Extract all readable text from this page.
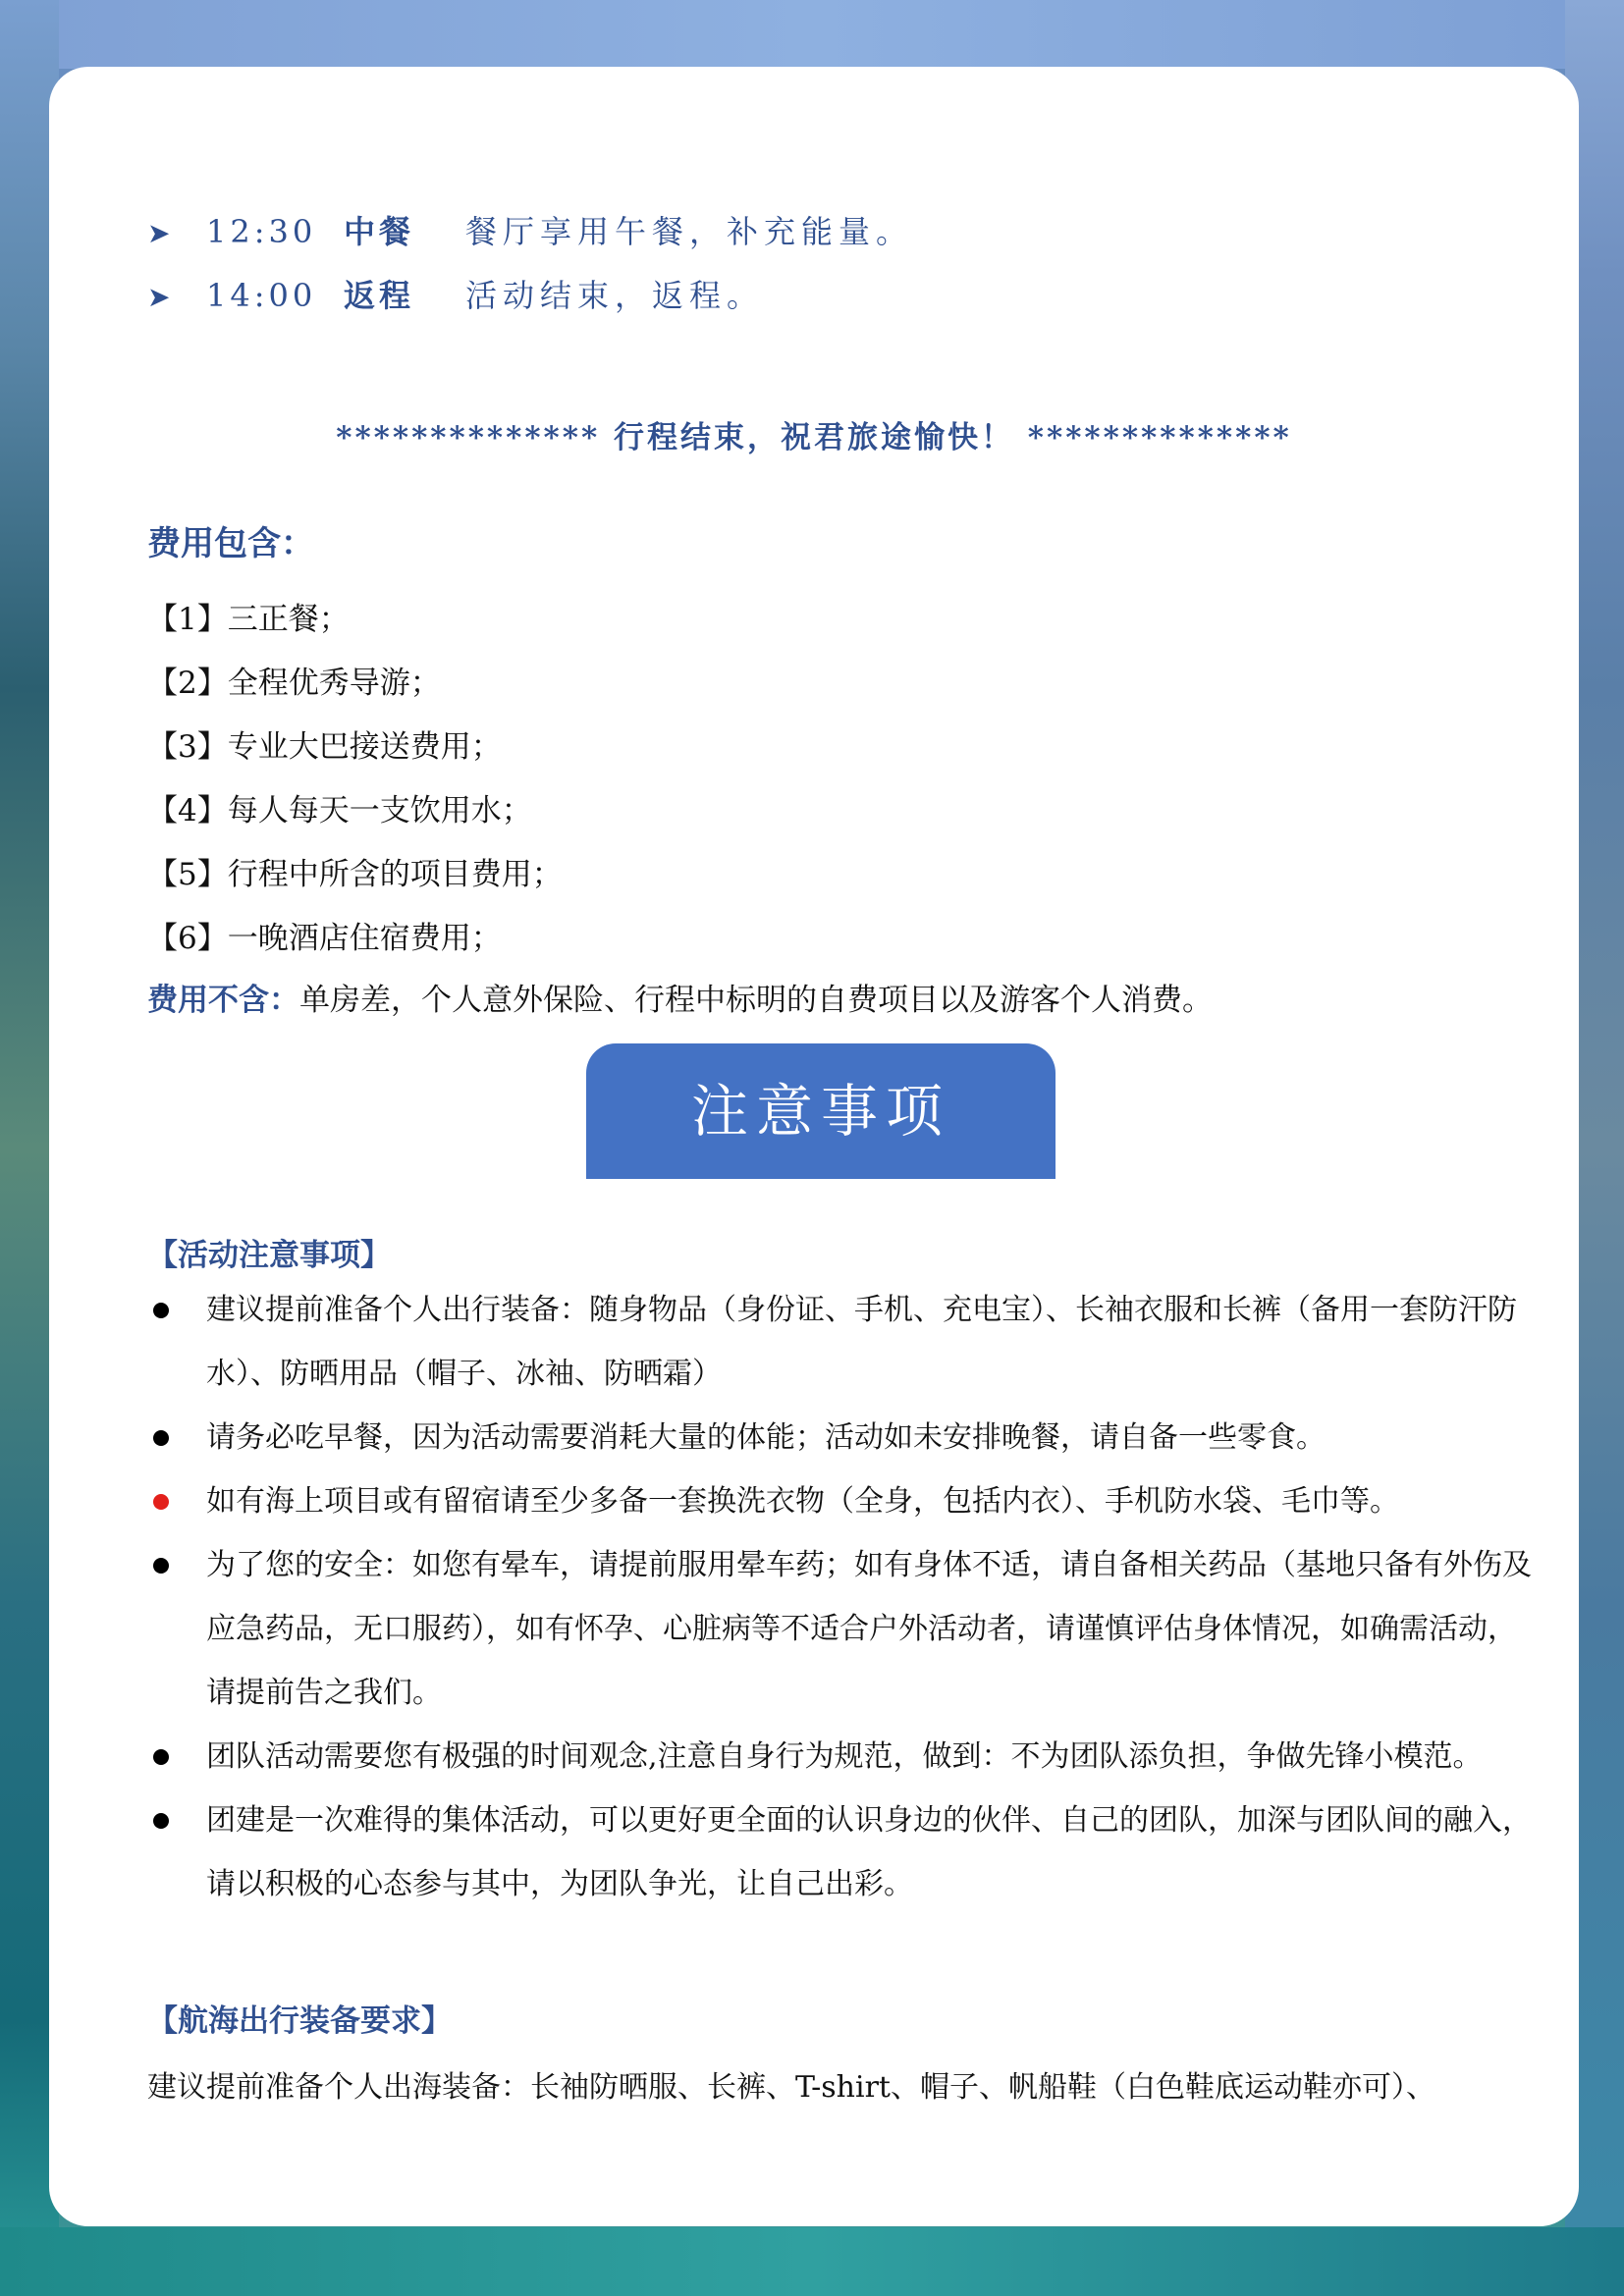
➤ 12:30 中餐 餐厅享用午餐，补充能量。
➤ 14:00 返程 活动结束，返程。
************** 行程结束，祝君旅途愉快！ **************
费用包含：
【1】三正餐；
【2】全程优秀导游；
【3】专业大巴接送费用；
【4】每人每天一支饮用水；
【5】行程中所含的项目费用；
【6】一晚酒店住宿费用；
费用不含：单房差，个人意外保险、行程中标明的自费项目以及游客个人消费。
注意事项
【活动注意事项】
建议提前准备个人出行装备：随身物品（身份证、手机、充电宝）、长袖衣服和长裤（备用一套防汗防水）、防晒用品（帽子、冰袖、防晒霜）
请务必吃早餐，因为活动需要消耗大量的体能；活动如未安排晚餐，请自备一些零食。
如有海上项目或有留宿请至少多备一套换洗衣物（全身，包括内衣）、手机防水袋、毛巾等。
为了您的安全：如您有晕车，请提前服用晕车药；如有身体不适，请自备相关药品（基地只备有外伤及应急药品，无口服药），如有怀孕、心脏病等不适合户外活动者，请谨慎评估身体情况，如确需活动，请提前告之我们。
团队活动需要您有极强的时间观念,注意自身行为规范，做到：不为团队添负担，争做先锋小模范。
团建是一次难得的集体活动，可以更好更全面的认识身边的伙伴、自己的团队，加深与团队间的融入，请以积极的心态参与其中，为团队争光，让自己出彩。
【航海出行装备要求】
建议提前准备个人出海装备：长袖防晒服、长裤、T-shirt、帽子、帆船鞋（白色鞋底运动鞋亦可）、
